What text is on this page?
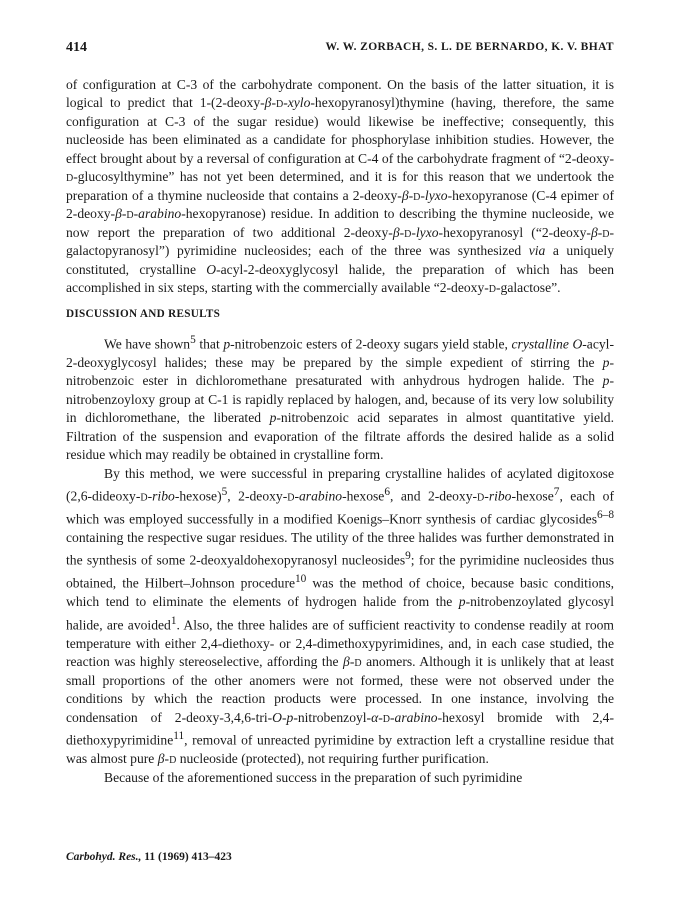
414	W. W. ZORBACH, S. L. DE BERNARDO, K. V. BHAT

of configuration at C-3 of the carbohydrate component. On the basis of the latter situation, it is logical to predict that 1-(2-deoxy-β-d-xylo-hexopyranosyl)thymine (having, therefore, the same configuration at C-3 of the sugar residue) would likewise be ineffective; consequently, this nucleoside has been eliminated as a candidate for phosphorylase inhibition studies. However, the effect brought about by a reversal of configuration at C-4 of the carbohydrate fragment of “2-deoxy-d-glucosylthymine” has not yet been determined, and it is for this reason that we undertook the preparation of a thymine nucleoside that contains a 2-deoxy-β-d-lyxo-hexopyranose (C-4 epimer of 2-deoxy-β-d-arabino-hexopyranose) residue. In addition to describing the thymine nucleoside, we now report the preparation of two additional 2-deoxy-β-d-lyxo-hexopyranosyl (“2-deoxy-β-d-galactopyranosyl”) pyrimidine nucleosides; each of the three was synthesized via a uniquely constituted, crystalline O-acyl-2-deoxyglycosyl halide, the preparation of which has been accomplished in six steps, starting with the commercially available “2-deoxy-d-galactose”.

DISCUSSION AND RESULTS

We have shown$^5$ that p-nitrobenzoic esters of 2-deoxy sugars yield stable, crystalline O-acyl-2-deoxyglycosyl halides; these may be prepared by the simple expedient of stirring the p-nitrobenzoic ester in dichloromethane presaturated with anhydrous hydrogen halide. The p-nitrobenzoyloxy group at C-1 is rapidly replaced by halogen, and, because of its very low solubility in dichloromethane, the liberated p-nitrobenzoic acid separates in almost quantitative yield. Filtration of the suspension and evaporation of the filtrate affords the desired halide as a solid residue which may readily be obtained in crystalline form.

By this method, we were successful in preparing crystalline halides of acylated digitoxose (2,6-dideoxy-d-ribo-hexose)$^5$, 2-deoxy-d-arabino-hexose$^6$, and 2-deoxy-d-ribo-hexose$^7$, each of which was employed successfully in a modified Koenigs–Knorr synthesis of cardiac glycosides$^{6-8}$ containing the respective sugar residues. The utility of the three halides was further demonstrated in the synthesis of some 2-deoxyaldohexopyranosyl nucleosides$^9$; for the pyrimidine nucleosides thus obtained, the Hilbert–Johnson procedure$^{10}$ was the method of choice, because basic conditions, which tend to eliminate the elements of hydrogen halide from the p-nitrobenzoylated glycosyl halide, are avoided$^1$. Also, the three halides are of sufficient reactivity to condense readily at room temperature with either 2,4-diethoxy- or 2,4-dimethoxypyrimidines, and, in each case studied, the reaction was highly stereoselective, affording the β-d anomers. Although it is unlikely that at least small proportions of the other anomers were not formed, these were not observed under the conditions by which the reaction products were processed. In one instance, involving the condensation of 2-deoxy-3,4,6-tri-O-p-nitrobenzoyl-α-d-arabino-hexosyl bromide with 2,4-diethoxypyrimidine$^{11}$, removal of unreacted pyrimidine by extraction left a crystalline residue that was almost pure β-d nucleoside (protected), not requiring further purification.

Because of the aforementioned success in the preparation of such pyrimidine

Carbohyd. Res., 11 (1969) 413–423
